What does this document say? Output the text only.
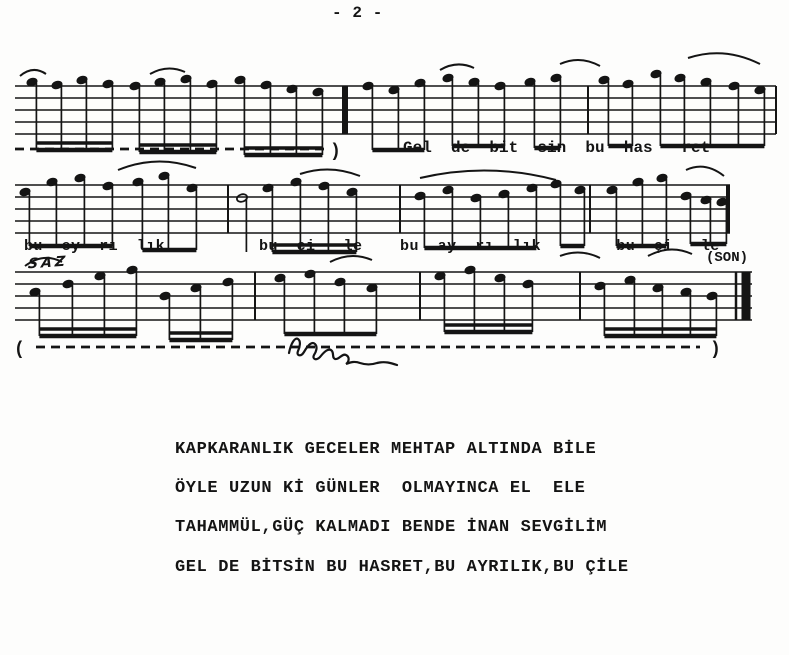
)
(	)
- 2 -
Gel  de  bit  sin  bu  has   ret
bu  ey  rı  lık          bu  çi   le    bu  ay  rı  lık        bu  çi   le
(SON)
SAZ
KAPKARANLIK GECELER MEHTAP ALTINDA BİLE
ÖYLE UZUN Kİ GÜNLER  OLMAYINCA EL  ELE
TAHAMMÜL,GÜÇ KALMADI BENDE İNAN SEVGİLİM
GEL DE BİTSİN BU HASRET,BU AYRILIK,BU ÇİLE
